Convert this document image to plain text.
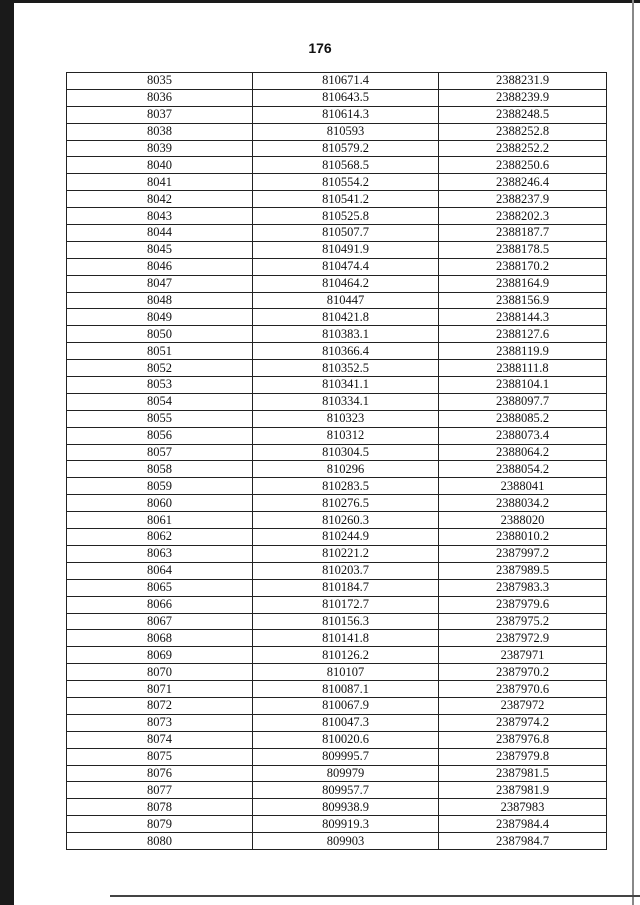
176
8035	810671.4	2388231.9
8036	810643.5	2388239.9
8037	810614.3	2388248.5
8038	810593	2388252.8
8039	810579.2	2388252.2
8040	810568.5	2388250.6
8041	810554.2	2388246.4
8042	810541.2	2388237.9
8043	810525.8	2388202.3
8044	810507.7	2388187.7
8045	810491.9	2388178.5
8046	810474.4	2388170.2
8047	810464.2	2388164.9
8048	810447	2388156.9
8049	810421.8	2388144.3
8050	810383.1	2388127.6
8051	810366.4	2388119.9
8052	810352.5	2388111.8
8053	810341.1	2388104.1
8054	810334.1	2388097.7
8055	810323	2388085.2
8056	810312	2388073.4
8057	810304.5	2388064.2
8058	810296	2388054.2
8059	810283.5	2388041
8060	810276.5	2388034.2
8061	810260.3	2388020
8062	810244.9	2388010.2
8063	810221.2	2387997.2
8064	810203.7	2387989.5
8065	810184.7	2387983.3
8066	810172.7	2387979.6
8067	810156.3	2387975.2
8068	810141.8	2387972.9
8069	810126.2	2387971
8070	810107	2387970.2
8071	810087.1	2387970.6
8072	810067.9	2387972
8073	810047.3	2387974.2
8074	810020.6	2387976.8
8075	809995.7	2387979.8
8076	809979	2387981.5
8077	809957.7	2387981.9
8078	809938.9	2387983
8079	809919.3	2387984.4
8080	809903	2387984.7
